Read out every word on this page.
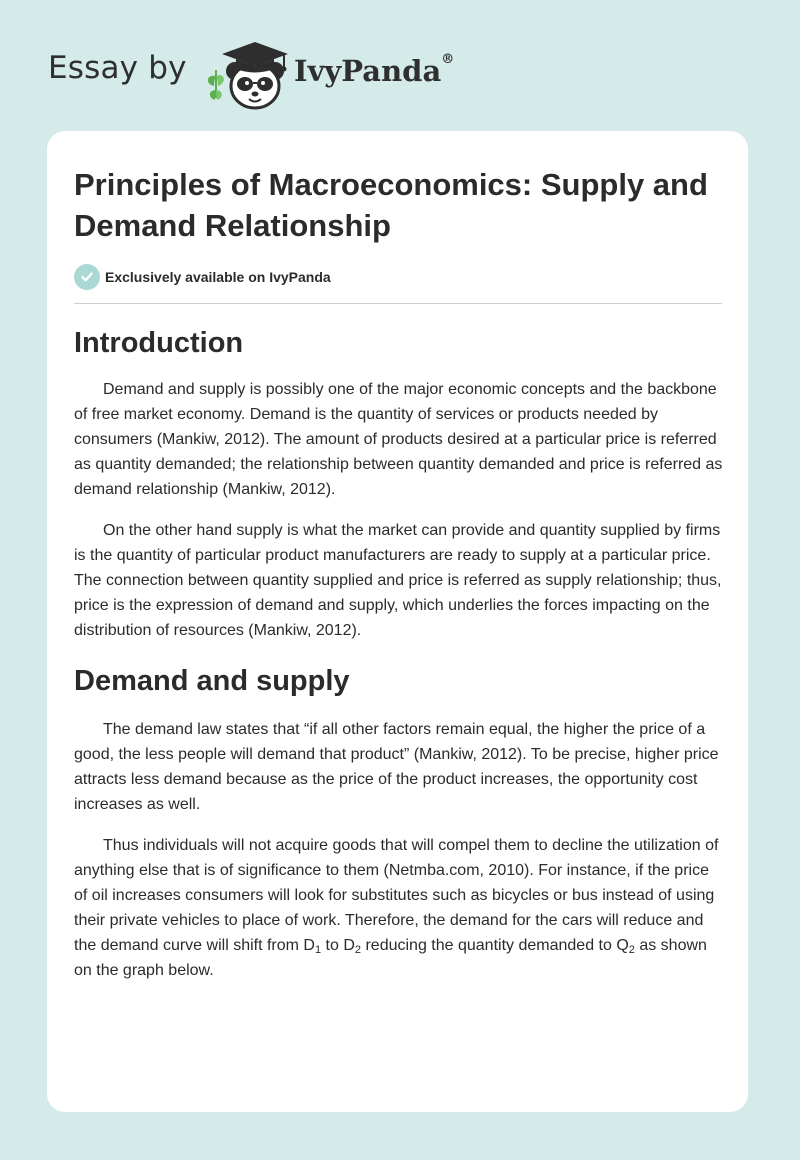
Essay by	IvyPanda®
Principles of Macroeconomics: Supply and Demand Relationship
Exclusively available on IvyPanda
Introduction

Demand and supply is possibly one of the major economic concepts and the backbone of free market economy. Demand is the quantity of services or products needed by consumers (Mankiw, 2012). The amount of products desired at a particular price is referred as quantity demanded; the relationship between quantity demanded and price is referred as demand relationship (Mankiw, 2012).

On the other hand supply is what the market can provide and quantity supplied by firms is the quantity of particular product manufacturers are ready to supply at a particular price. The connection between quantity supplied and price is referred as supply relationship; thus, price is the expression of demand and supply, which underlies the forces impacting on the distribution of resources (Mankiw, 2012).

Demand and supply

The demand law states that “if all other factors remain equal, the higher the price of a good, the less people will demand that product” (Mankiw, 2012). To be precise, higher price attracts less demand because as the price of the product increases, the opportunity cost increases as well.

Thus individuals will not acquire goods that will compel them to decline the utilization of anything else that is of significance to them (Netmba.com, 2010). For instance, if the price of oil increases consumers will look for substitutes such as bicycles or bus instead of using their private vehicles to place of work. Therefore, the demand for the cars will reduce and the demand curve will shift from $D_1$ to $D_2$ reducing the quantity demanded to $Q_2$ as shown on the graph below.
